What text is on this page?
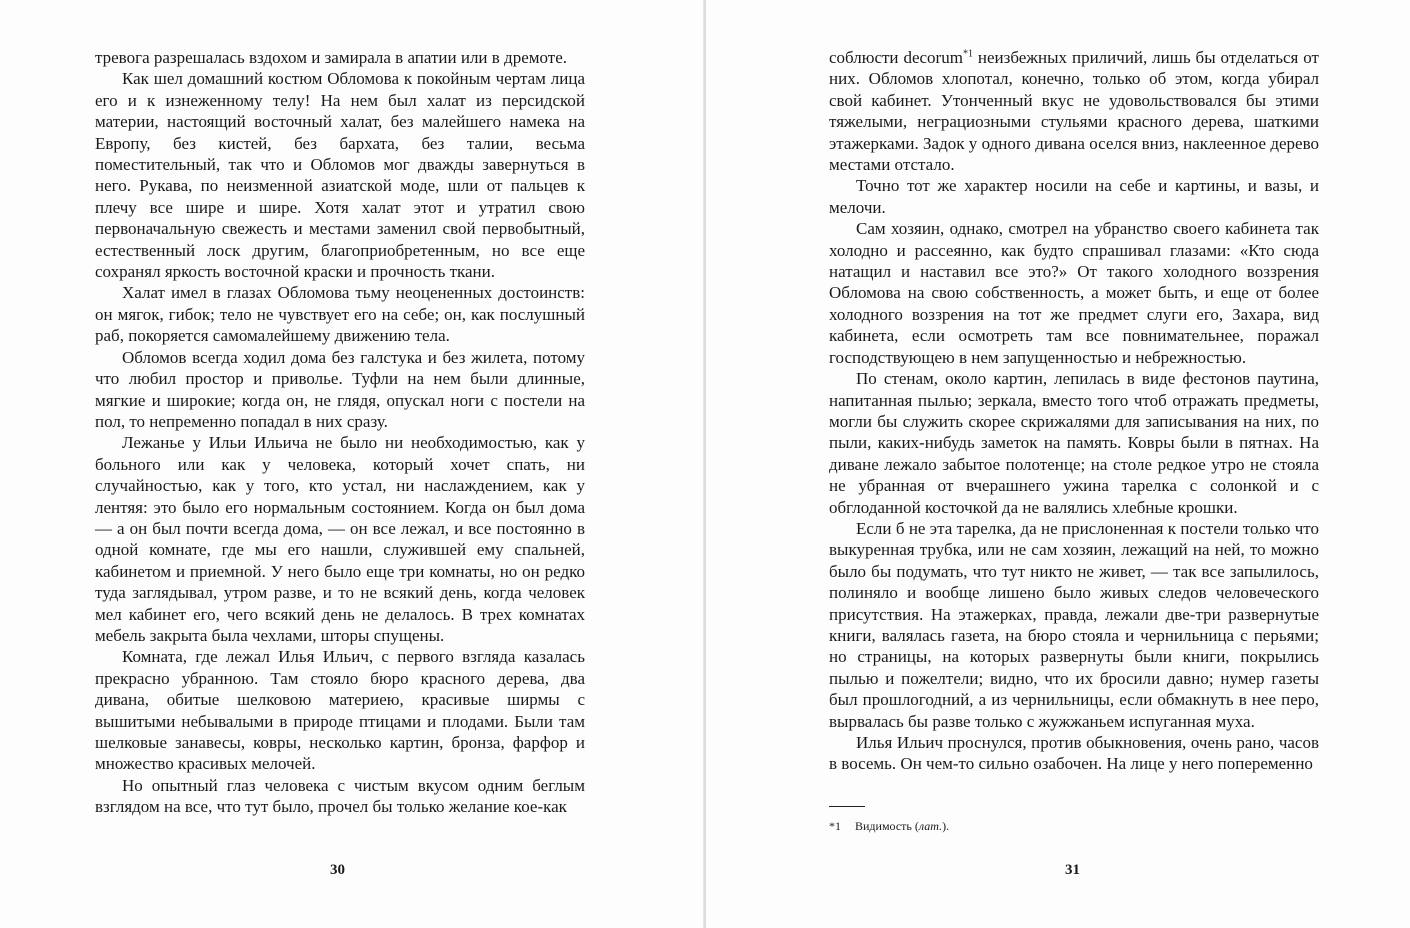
тревога разрешалась вздохом и замирала в апатии или в дремоте.

Как шел домашний костюм Обломова к покойным чертам лица его и к изнеженному телу! На нем был халат из персидской материи, настоящий восточный халат, без малейшего намека на Европу, без кистей, без бархата, без талии, весьма поместительный, так что и Обломов мог дважды завернуться в него. Рукава, по неизменной азиатской моде, шли от пальцев к плечу все шире и шире. Хотя халат этот и утратил свою первоначальную свежесть и местами заменил свой первобытный, естественный лоск другим, благоприобретенным, но все еще сохранял яркость восточной краски и прочность ткани.

Халат имел в глазах Обломова тьму неоцененных достоинств: он мягок, гибок; тело не чувствует его на себе; он, как послушный раб, покоряется самомалейшему движению тела.

Обломов всегда ходил дома без галстука и без жилета, потому что любил простор и приволье. Туфли на нем были длинные, мягкие и широкие; когда он, не глядя, опускал ноги с постели на пол, то непременно попадал в них сразу.

Лежанье у Ильи Ильича не было ни необходимостью, как у больного или как у человека, который хочет спать, ни случайностью, как у того, кто устал, ни наслаждением, как у лентяя: это было его нормальным состоянием. Когда он был дома — а он был почти всегда дома, — он все лежал, и все постоянно в одной комнате, где мы его нашли, служившей ему спальней, кабинетом и приемной. У него было еще три комнаты, но он редко туда заглядывал, утром разве, и то не всякий день, когда человек мел кабинет его, чего всякий день не делалось. В трех комнатах мебель закрыта была чехлами, шторы спущены.

Комната, где лежал Илья Ильич, с первого взгляда казалась прекрасно убранною. Там стояло бюро красного дерева, два дивана, обитые шелковою материею, красивые ширмы с вышитыми небывалыми в природе птицами и плодами. Были там шелковые занавесы, ковры, несколько картин, бронза, фарфор и множество красивых мелочей.

Но опытный глаз человека с чистым вкусом одним беглым взглядом на все, что тут было, прочел бы только желание кое-как

30

соблюсти decorum$^{*1}$ неизбежных приличий, лишь бы отделаться от них. Обломов хлопотал, конечно, только об этом, когда убирал свой кабинет. Утонченный вкус не удовольствовался бы этими тяжелыми, неграциозными стульями красного дерева, шаткими этажерками. Задок у одного дивана оселся вниз, наклеенное дерево местами отстало.

Точно тот же характер носили на себе и картины, и вазы, и мелочи.

Сам хозяин, однако, смотрел на убранство своего кабинета так холодно и рассеянно, как будто спрашивал глазами: «Кто сюда натащил и наставил все это?» От такого холодного воззрения Обломова на свою собственность, а может быть, и еще от более холодного воззрения на тот же предмет слуги его, Захара, вид кабинета, если осмотреть там все повнимательнее, поражал господствующею в нем запущенностью и небрежностью.

По стенам, около картин, лепилась в виде фестонов паутина, напитанная пылью; зеркала, вместо того чтоб отражать предметы, могли бы служить скорее скрижалями для записывания на них, по пыли, каких-нибудь заметок на память. Ковры были в пятнах. На диване лежало забытое полотенце; на столе редкое утро не стояла не убранная от вчерашнего ужина тарелка с солонкой и с обглоданной косточкой да не валялись хлебные крошки.

Если б не эта тарелка, да не прислоненная к постели только что выкуренная трубка, или не сам хозяин, лежащий на ней, то можно было бы подумать, что тут никто не живет, — так все запылилось, полиняло и вообще лишено было живых следов человеческого присутствия. На этажерках, правда, лежали две-три развернутые книги, валялась газета, на бюро стояла и чернильница с перьями; но страницы, на которых развернуты были книги, покрылись пылью и пожелтели; видно, что их бросили давно; нумер газеты был прошлогодний, а из чернильницы, если обмакнуть в нее перо, вырвалась бы разве только с жужжаньем испуганная муха.

Илья Ильич проснулся, против обыкновения, очень рано, часов в восемь. Он чем-то сильно озабочен. На лице у него попеременно

*1 Видимость (лат.).
31
